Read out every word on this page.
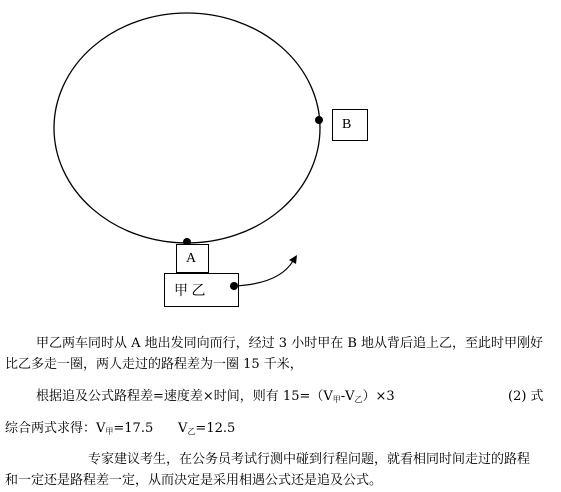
B
A
甲 乙
甲乙两车同时从 A 地出发同向而行，经过 3 小时甲在 B 地从背后追上乙，至此时甲刚好
比乙多走一圈，两人走过的路程差为一圈 15 千米，
根据追及公式路程差=速度差×时间，则有 $15=(V_甲-V_乙)\times 3$	(2) 式
综合两式求得：$V_甲=17.5$      $V_乙=12.5$
专家建议考生，在公务员考试行测中碰到行程问题，就看相同时间走过的路程
和一定还是路程差一定，从而决定是采用相遇公式还是追及公式。
